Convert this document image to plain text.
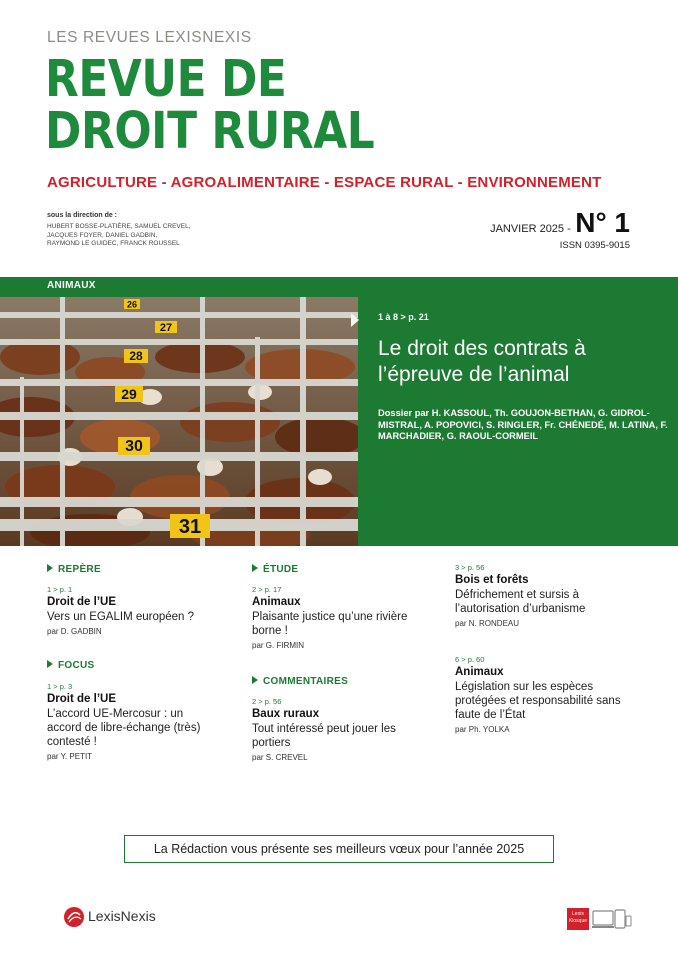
LES REVUES LEXISNEXIS
REVUE DE
DROIT RURAL
AGRICULTURE - AGROALIMENTAIRE - ESPACE RURAL - ENVIRONNEMENT
sous la direction de :
HUBERT BOSSE-PLATIÈRE, SAMUEL CREVEL,
JACQUES FOYER, DANIEL GADBIN,
RAYMOND LE GUIDEC, FRANCK ROUSSEL
JANVIER 2025 - N° 1
ISSN 0395-9015
ANIMAUX
26
27
28
29
30
31
1 à 8 > p. 21
Le droit des contrats à l’épreuve de l’animal
Dossier par H. KASSOUL, Th. GOUJON-BETHAN, G. GIDROL-MISTRAL, A. POPOVICI, S. RINGLER, Fr. CHÉNEDÉ, M. LATINA, F. MARCHADIER, G. RAOUL-CORMEIL
REPÈRE
1 > p. 1
Droit de l’UE
Vers un EGALIM européen ?
par D. GADBIN
FOCUS
1 > p. 3
Droit de l’UE
L’accord UE-Mercosur : un accord de libre-échange (très) contesté !
par Y. PETIT
ÉTUDE
2 > p. 17
Animaux
Plaisante justice qu’une rivière borne !
par G. FIRMIN
COMMENTAIRES
2 > p. 56
Baux ruraux
Tout intéressé peut jouer les portiers
par S. CREVEL
3 > p. 56
Bois et forêts
Défrichement et sursis à l’autorisation d’urbanisme
par N. RONDEAU
6 > p. 60
Animaux
Législation sur les espèces protégées et responsabilité sans faute de l’État
par Ph. YOLKA
La Rédaction vous présente ses meilleurs vœux pour l’année 2025
LexisNexis	Lexis Kiosque
